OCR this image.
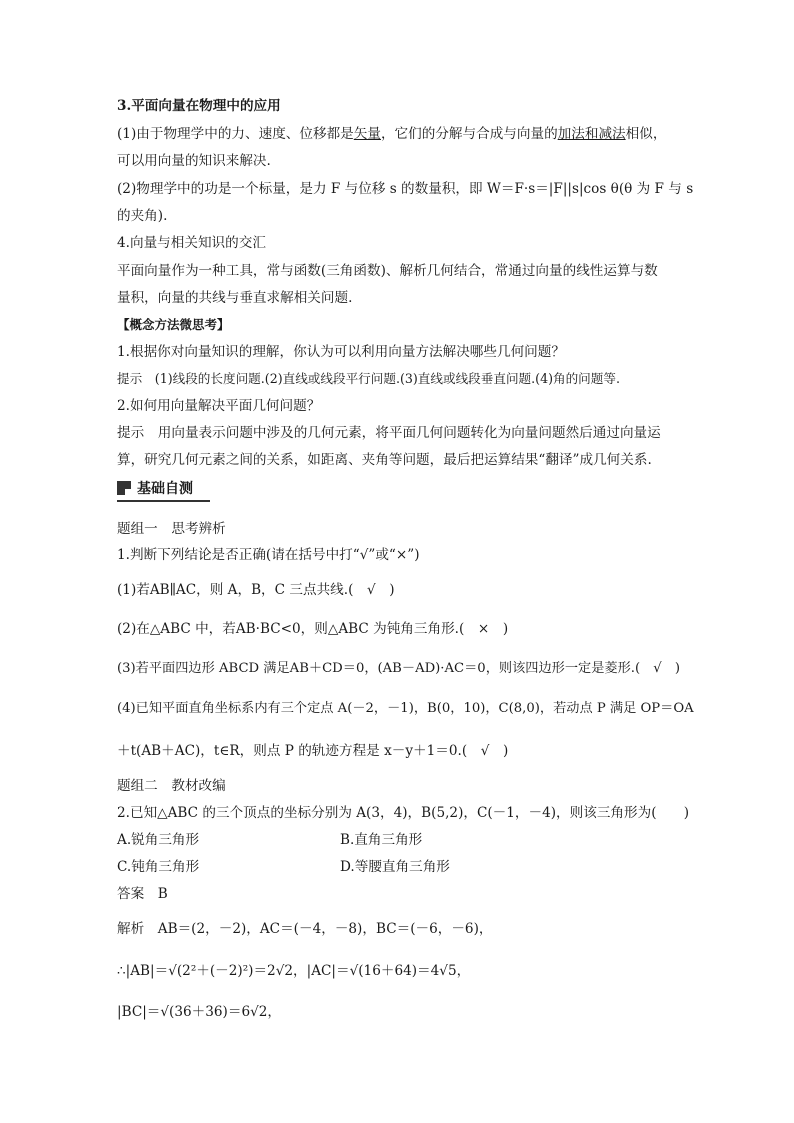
3.平面向量在物理中的应用
(1)由于物理学中的力、速度、位移都是矢量，它们的分解与合成与向量的加法和减法相似，
可以用向量的知识来解决.
(2)物理学中的功是一个标量，是力 F 与位移 s 的数量积，即 W＝F·s＝|F||s|cos θ(θ 为 F 与 s
的夹角).
4.向量与相关知识的交汇
平面向量作为一种工具，常与函数(三角函数)、解析几何结合，常通过向量的线性运算与数
量积，向量的共线与垂直求解相关问题.
【概念方法微思考】
1.根据你对向量知识的理解，你认为可以利用向量方法解决哪些几何问题？
提示　(1)线段的长度问题.(2)直线或线段平行问题.(3)直线或线段垂直问题.(4)角的问题等.
2.如何用向量解决平面几何问题？
提示　用向量表示问题中涉及的几何元素，将平面几何问题转化为向量问题然后通过向量运
算，研究几何元素之间的关系，如距离、夹角等问题，最后把运算结果“翻译”成几何关系.
基础自测
题组一　思考辨析
1.判断下列结论是否正确(请在括号中打“√”或“×”)
(1)若AB∥AC，则 A，B，C 三点共线.(　√　)
(2)在△ABC 中，若AB·BC<0，则△ABC 为钝角三角形.(　×　)
(3)若平面四边形 ABCD 满足AB＋CD＝0，(AB－AD)·AC＝0，则该四边形一定是菱形.(　√　)
(4)已知平面直角坐标系内有三个定点 A(－2，－1)，B(0，10)，C(8,0)，若动点 P 满足 OP＝OA
＋t(AB＋AC)，t∈R，则点 P 的轨迹方程是 x－y＋1＝0.(　√　)
题组二　教材改编
2.已知△ABC 的三个顶点的坐标分别为 A(3，4)，B(5,2)，C(－1，－4)，则该三角形为(　　)
A.锐角三角形	B.直角三角形
C.钝角三角形	D.等腰直角三角形
答案　B
解析　AB＝(2，－2)，AC＝(－4，－8)，BC＝(－6，－6)，
∴|AB|＝√(2²＋(－2)²)＝2√2，|AC|＝√(16＋64)＝4√5，
|BC|＝√(36＋36)＝6√2，
